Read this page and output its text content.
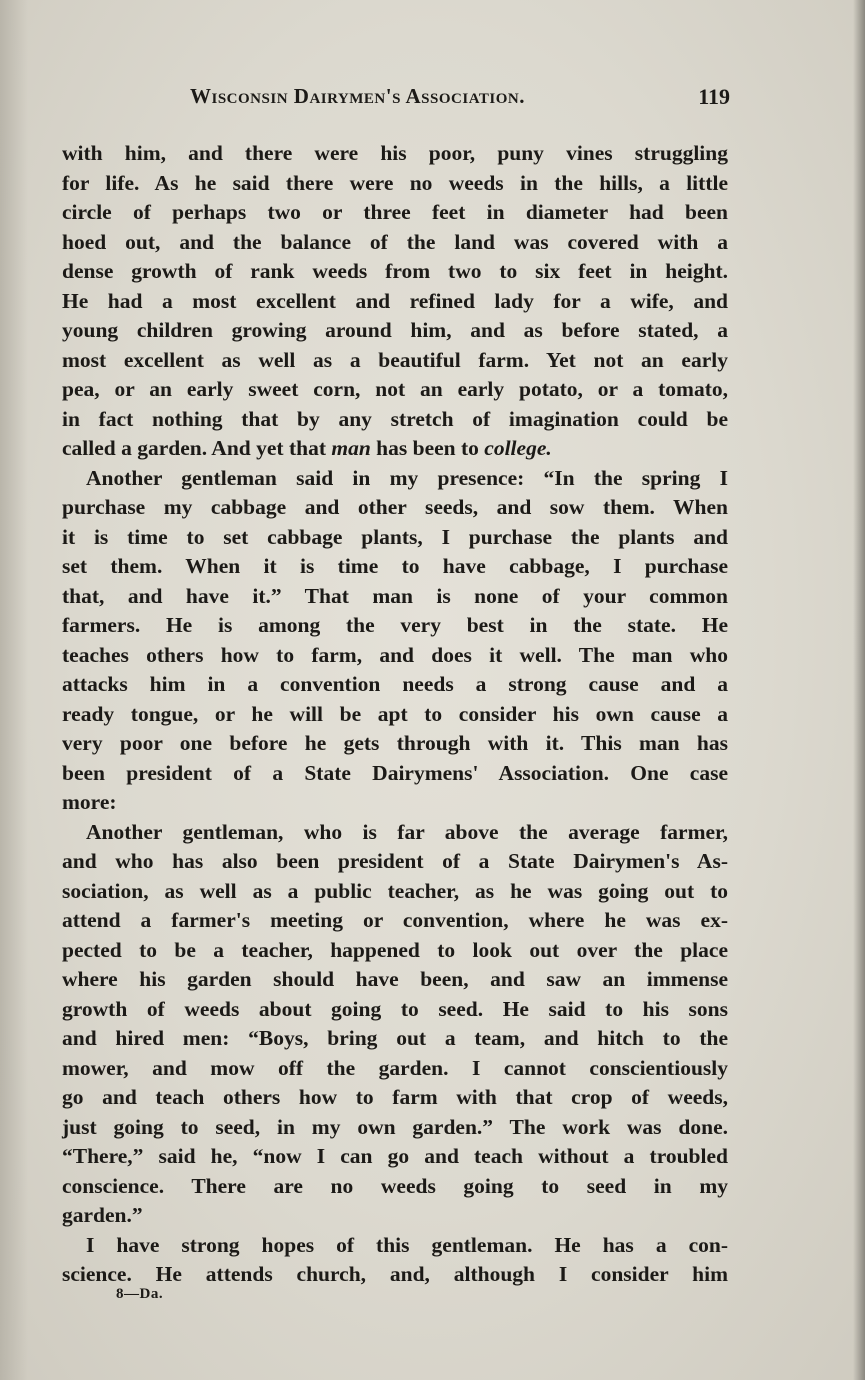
Wisconsin Dairymen's Association.	119
with him, and there were his poor, puny vines struggling
for life. As he said there were no weeds in the hills, a little
circle of perhaps two or three feet in diameter had been
hoed out, and the balance of the land was covered with a
dense growth of rank weeds from two to six feet in height.
He had a most excellent and refined lady for a wife, and
young children growing around him, and as before stated, a
most excellent as well as a beautiful farm. Yet not an early
pea, or an early sweet corn, not an early potato, or a tomato,
in fact nothing that by any stretch of imagination could be
called a garden. And yet that man has been to college.
Another gentleman said in my presence: “In the spring I
purchase my cabbage and other seeds, and sow them. When
it is time to set cabbage plants, I purchase the plants and
set them. When it is time to have cabbage, I purchase
that, and have it.” That man is none of your common
farmers. He is among the very best in the state. He
teaches others how to farm, and does it well. The man who
attacks him in a convention needs a strong cause and a
ready tongue, or he will be apt to consider his own cause a
very poor one before he gets through with it. This man has
been president of a State Dairymens' Association. One case
more:
Another gentleman, who is far above the average farmer,
and who has also been president of a State Dairymen's As-
sociation, as well as a public teacher, as he was going out to
attend a farmer's meeting or convention, where he was ex-
pected to be a teacher, happened to look out over the place
where his garden should have been, and saw an immense
growth of weeds about going to seed. He said to his sons
and hired men: “Boys, bring out a team, and hitch to the
mower, and mow off the garden. I cannot conscientiously
go and teach others how to farm with that crop of weeds,
just going to seed, in my own garden.” The work was done.
“There,” said he, “now I can go and teach without a troubled
conscience. There are no weeds going to seed in my
garden.”
I have strong hopes of this gentleman. He has a con-
science. He attends church, and, although I consider him
8—Da.
